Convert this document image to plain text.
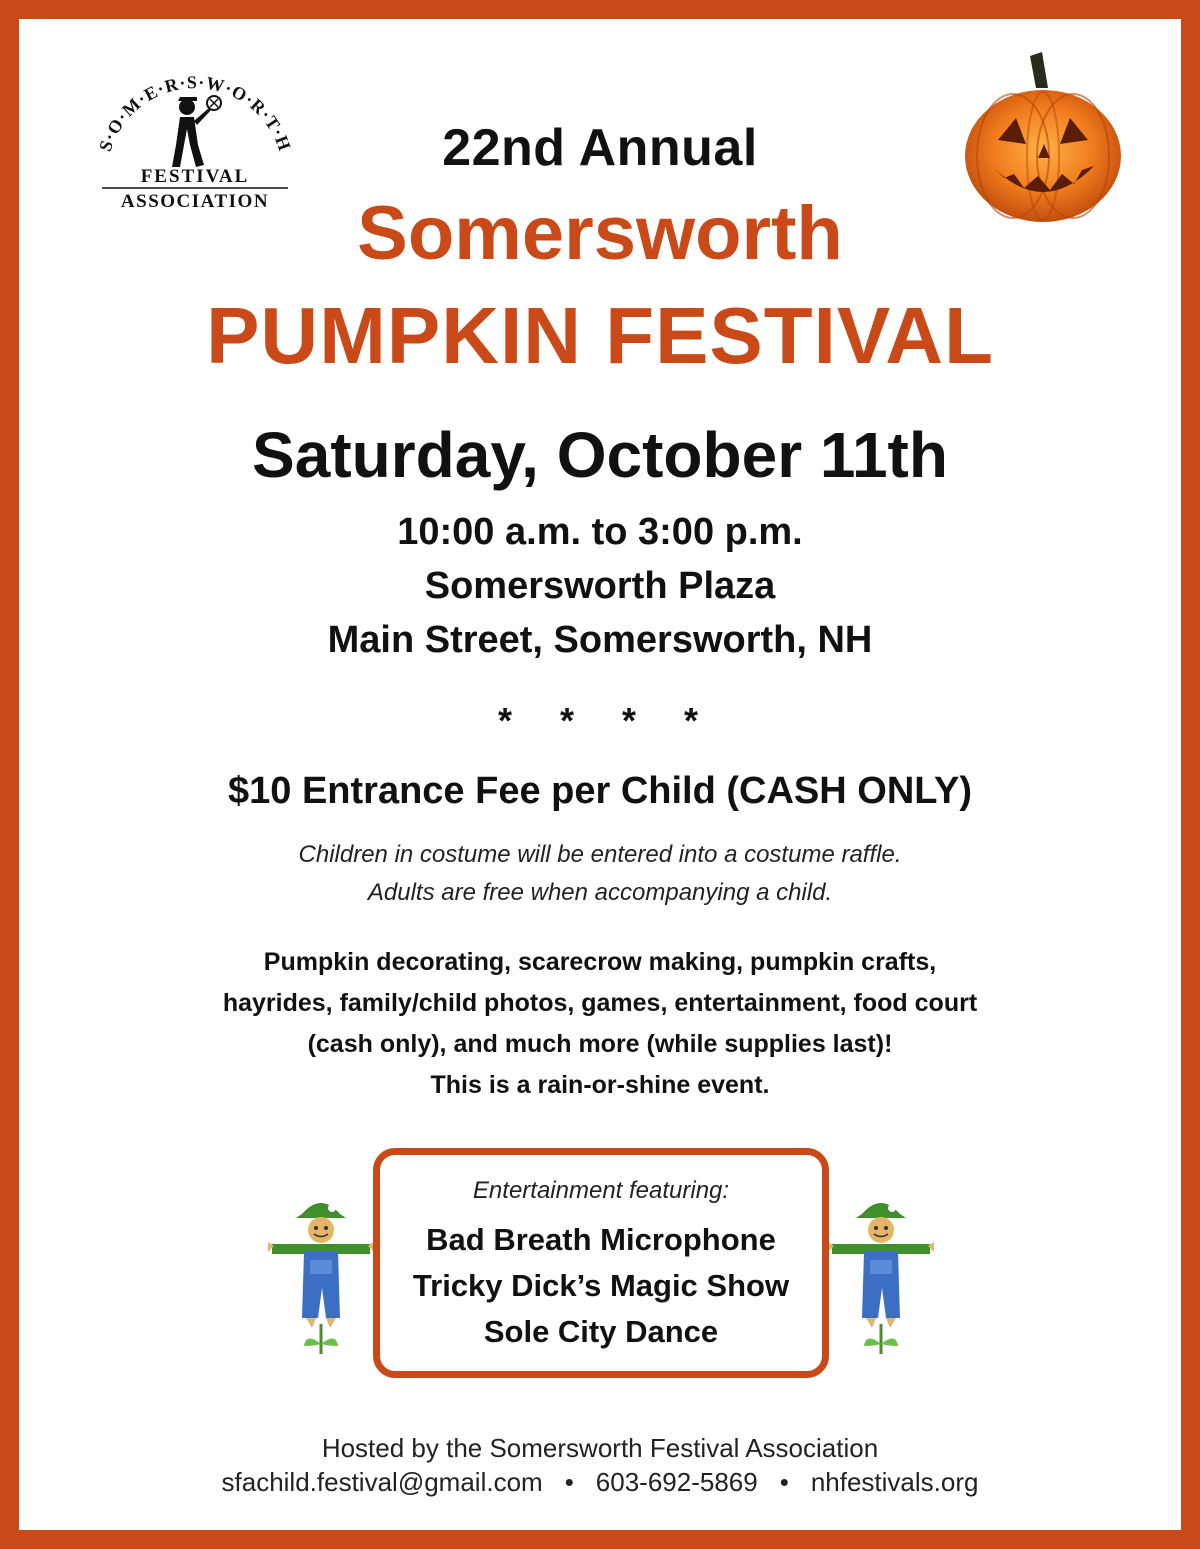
S·O·M·E·R·S·W·O·R·T·H
FESTIVAL
ASSOCIATION
22nd Annual
Somersworth
PUMPKIN FESTIVAL
Saturday, October 11th
10:00 a.m. to 3:00 p.m.
Somersworth Plaza
Main Street, Somersworth, NH
* * * *
$10 Entrance Fee per Child (CASH ONLY)
Children in costume will be entered into a costume raffle.
Adults are free when accompanying a child.
Pumpkin decorating, scarecrow making, pumpkin crafts,
hayrides, family/child photos, games, entertainment, food court
(cash only), and much more (while supplies last)!
This is a rain-or-shine event.
Entertainment featuring:
Bad Breath Microphone
Tricky Dick’s Magic Show
Sole City Dance
Hosted by the Somersworth Festival Association
sfachild.festival@gmail.com • 603-692-5869 • nhfestivals.org
